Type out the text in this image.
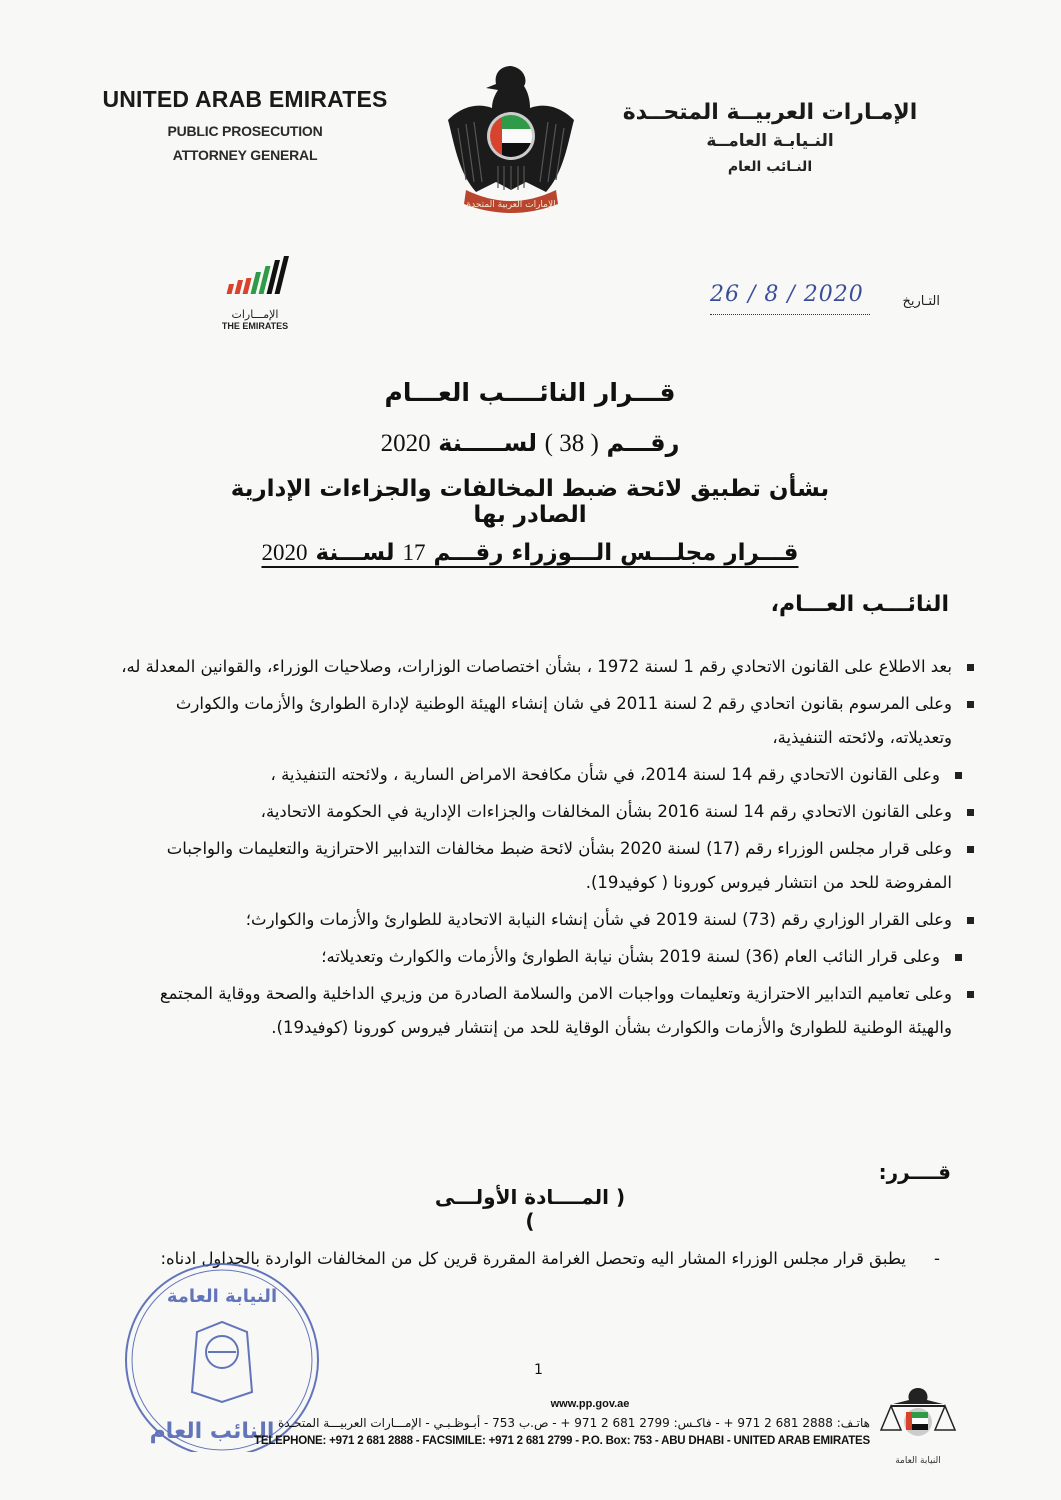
UNITED ARAB EMIRATES
PUBLIC PROSECUTION
ATTORNEY GENERAL
الإمارات العربية المتحدة
الإمـارات العربيــة المتحــدة
النـيابـة العامــة
النـائب العام
الإمـــارات
THE EMIRATES
التـاريخ
26 / 8 / 2020
قـــرار النائــــب العـــام
رقـــم ( 38 ) لســـــنة 2020
بشأن تطبيق لائحة ضبط المخالفات والجزاءات الإدارية الصادر بها
قـــرار مجلـــس الـــوزراء رقـــم 17 لســـنة 2020
النائـــب العـــام،
بعد الاطلاع على القانون الاتحادي رقم 1 لسنة 1972 ، بشأن اختصاصات الوزارات، وصلاحيات الوزراء، والقوانين المعدلة له،
وعلى المرسوم بقانون اتحادي رقم 2 لسنة 2011 في شان إنشاء الهيئة الوطنية لإدارة الطوارئ والأزمات والكوارث وتعديلاته، ولائحته التنفيذية،
وعلى القانون الاتحادي رقم 14 لسنة 2014، في شأن مكافحة الامراض السارية ، ولائحته التنفيذية ،
وعلى القانون الاتحادي رقم 14 لسنة 2016 بشأن المخالفات والجزاءات الإدارية في الحكومة الاتحادية،
وعلى قرار مجلس الوزراء رقم (17) لسنة 2020 بشأن لائحة ضبط مخالفات التدابير الاحترازية والتعليمات والواجبات المفروضة للحد من انتشار فيروس كورونا ( كوفيد19).
وعلى القرار الوزاري رقم (73) لسنة 2019 في شأن إنشاء النيابة الاتحادية للطوارئ والأزمات والكوارث؛
وعلى قرار النائب العام (36) لسنة 2019 بشأن نيابة الطوارئ والأزمات والكوارث وتعديلاته؛
وعلى تعاميم التدابير الاحترازية وتعليمات وواجبات الامن والسلامة الصادرة من وزيري الداخلية والصحة ووقاية المجتمع والهيئة الوطنية للطوارئ والأزمات والكوارث بشأن الوقاية للحد من إنتشار فيروس كورونا (كوفيد19).
قــــرر:
( المــــادة الأولـــى )
-
يطبق قرار مجلس الوزراء المشار اليه وتحصل الغرامة المقررة قرين كل من المخالفات الواردة بالجداول ادناه:
النيابة العامة
النائب العام
1
www.pp.gov.ae
هاتـف: 2888 681 2 971 + - فاكـس: 2799 681 2 971 + - ص.ب 753 - أبـوظـبـي - الإمـــارات العربيـــة المتحـدة
TELEPHONE: +971 2 681 2888 - FACSIMILE: +971 2 681 2799 - P.O. Box: 753 - ABU DHABI - UNITED ARAB EMIRATES
النيابة العامة
